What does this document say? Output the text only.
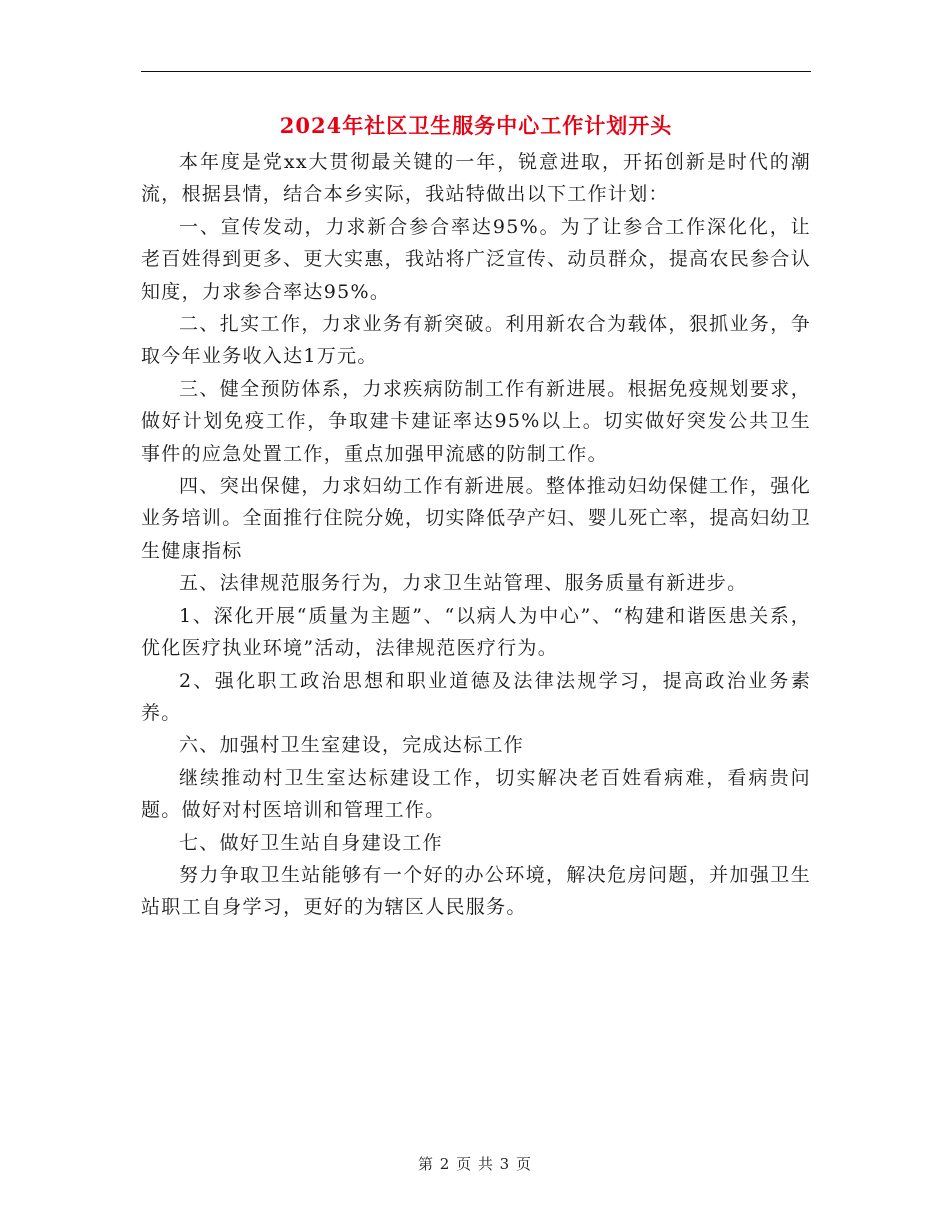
2024年社区卫生服务中心工作计划开头

本年度是党xx大贯彻最关键的一年，锐意进取，开拓创新是时代的潮流，根据县情，结合本乡实际，我站特做出以下工作计划：

一、宣传发动，力求新合参合率达95%。为了让参合工作深化化，让老百姓得到更多、更大实惠，我站将广泛宣传、动员群众，提高农民参合认知度，力求参合率达95%。

二、扎实工作，力求业务有新突破。利用新农合为载体，狠抓业务，争取今年业务收入达1万元。

三、健全预防体系，力求疾病防制工作有新进展。根据免疫规划要求，做好计划免疫工作，争取建卡建证率达95%以上。切实做好突发公共卫生事件的应急处置工作，重点加强甲流感的防制工作。

四、突出保健，力求妇幼工作有新进展。整体推动妇幼保健工作，强化业务培训。全面推行住院分娩，切实降低孕产妇、婴儿死亡率，提高妇幼卫生健康指标

五、法律规范服务行为，力求卫生站管理、服务质量有新进步。

1、深化开展“质量为主题”、“以病人为中心”、“构建和谐医患关系，优化医疗执业环境”活动，法律规范医疗行为。

2、强化职工政治思想和职业道德及法律法规学习，提高政治业务素养。

六、加强村卫生室建设，完成达标工作

继续推动村卫生室达标建设工作，切实解决老百姓看病难，看病贵问题。做好对村医培训和管理工作。

七、做好卫生站自身建设工作

努力争取卫生站能够有一个好的办公环境，解决危房问题，并加强卫生站职工自身学习，更好的为辖区人民服务。

第 2 页 共 3 页
